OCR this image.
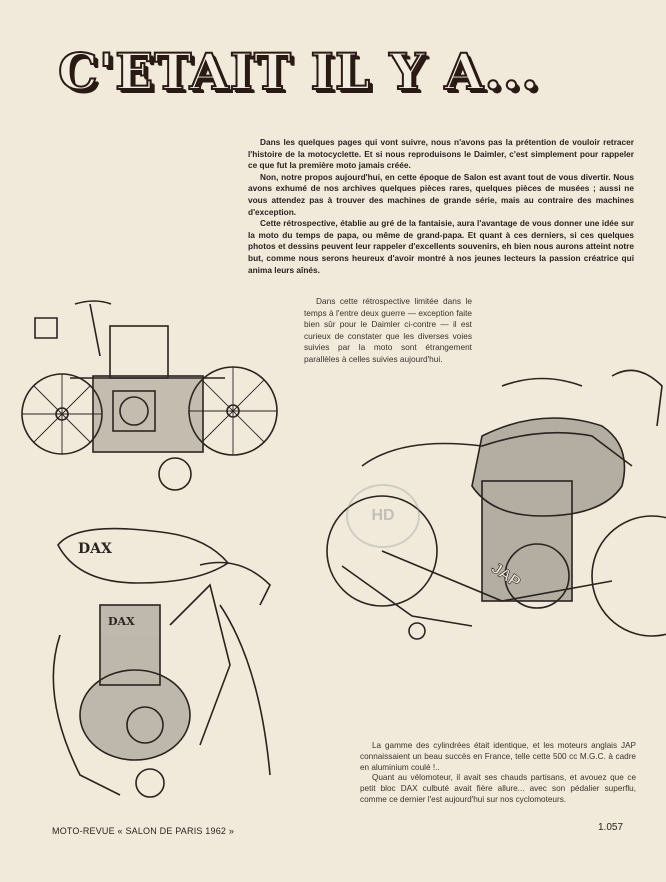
C'ETAIT IL Y A...

Dans les quelques pages qui vont suivre, nous n'avons pas la prétention de vouloir retracer l'histoire de la motocyclette. Et si nous reproduisons le Daimler, c'est simplement pour rappeler ce que fut la première moto jamais créée.

Non, notre propos aujourd'hui, en cette époque de Salon est avant tout de vous divertir. Nous avons exhumé de nos archives quelques pièces rares, quelques pièces de musées ; aussi ne vous attendez pas à trouver des machines de grande série, mais au contraire des machines d'exception.

Cette rétrospective, établie au gré de la fantaisie, aura l'avantage de vous donner une idée sur la moto du temps de papa, ou même de grand-papa. Et quant à ces derniers, si ces quelques photos et dessins peuvent leur rappeler d'excellents souvenirs, eh bien nous aurons atteint notre but, comme nous serons heureux d'avoir montré à nos jeunes lecteurs la passion créatrice qui anima leurs aînés.

Dans cette rétrospective limitée dans le temps à l'entre deux guerre — exception faite bien sûr pour le Daimler ci-contre — il est curieux de constater que les diverses voies suivies par la moto sont étrangement parallèles à celles suivies aujourd'hui.

JAP
HD
DAX
DAX

La gamme des cylindrées était identique, et les moteurs anglais JAP connaissaient un beau succès en France, telle cette 500 cc M.G.C. à cadre en aluminium coulé !..

Quant au vélomoteur, il avait ses chauds partisans, et avouez que ce petit bloc DAX culbuté avait fière allure... avec son pédalier superflu, comme ce dernier l'est aujourd'hui sur nos cyclomoteurs.

MOTO-REVUE « SALON DE PARIS 1962 »	1.057
